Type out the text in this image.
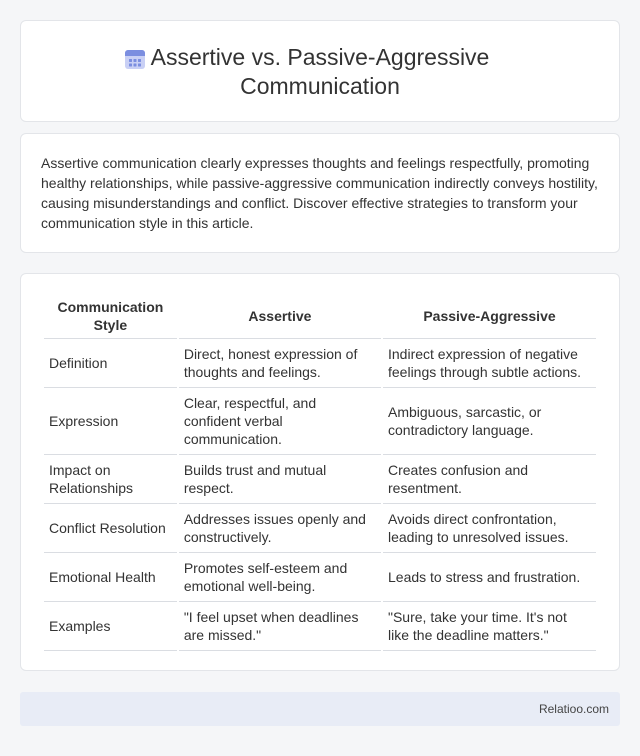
Assertive vs. Passive-Aggressive
Communication

Assertive communication clearly expresses thoughts and feelings respectfully, promoting healthy relationships, while passive-aggressive communication indirectly conveys hostility, causing misunderstandings and conflict. Discover effective strategies to transform your communication style in this article.

Communication Style	Assertive	Passive-Aggressive
Definition	Direct, honest expression of thoughts and feelings.	Indirect expression of negative feelings through subtle actions.
Expression	Clear, respectful, and confident verbal communication.	Ambiguous, sarcastic, or contradictory language.
Impact on Relationships	Builds trust and mutual respect.	Creates confusion and resentment.
Conflict Resolution	Addresses issues openly and constructively.	Avoids direct confrontation, leading to unresolved issues.
Emotional Health	Promotes self-esteem and emotional well-being.	Leads to stress and frustration.
Examples	"I feel upset when deadlines are missed."	"Sure, take your time. It's not like the deadline matters."
Relatioo.com
